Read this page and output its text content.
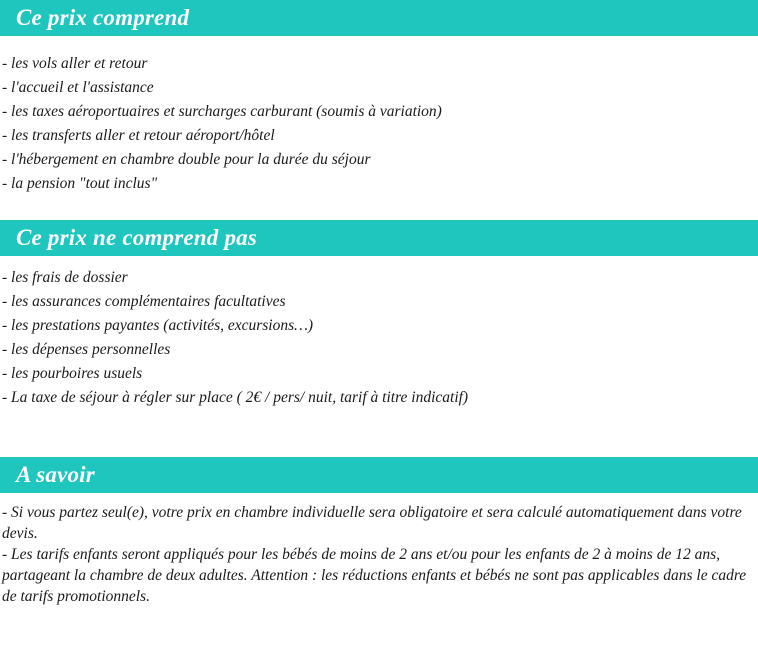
Ce prix comprend
- les vols aller et retour
- l'accueil et l'assistance
- les taxes aéroportuaires et surcharges carburant (soumis à variation)
- les transferts aller et retour aéroport/hôtel
- l'hébergement en chambre double pour la durée du séjour
- la pension "tout inclus"
Ce prix ne comprend pas
- les frais de dossier
- les assurances complémentaires facultatives
- les prestations payantes (activités, excursions…)
- les dépenses personnelles
- les pourboires usuels
- La taxe de séjour à régler sur place ( 2€ / pers/ nuit, tarif à titre indicatif)
A savoir
- Si vous partez seul(e), votre prix en chambre individuelle sera obligatoire et sera calculé automatiquement dans votre devis.
- Les tarifs enfants seront appliqués pour les bébés de moins de 2 ans et/ou pour les enfants de 2 à moins de 12 ans, partageant la chambre de deux adultes. Attention : les réductions enfants et bébés ne sont pas applicables dans le cadre de tarifs promotionnels.
